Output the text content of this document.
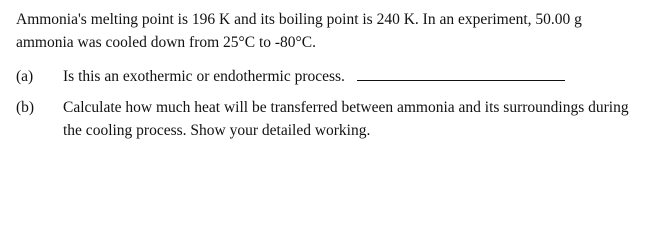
Ammonia's melting point is 196 K and its boiling point is 240 K. In an experiment, 50.00 g
ammonia was cooled down from 25°C to -80°C.

(a)	Is this an exothermic or endothermic process.
(b)	Calculate how much heat will be transferred between ammonia and its surroundings during
the cooling process. Show your detailed working.
